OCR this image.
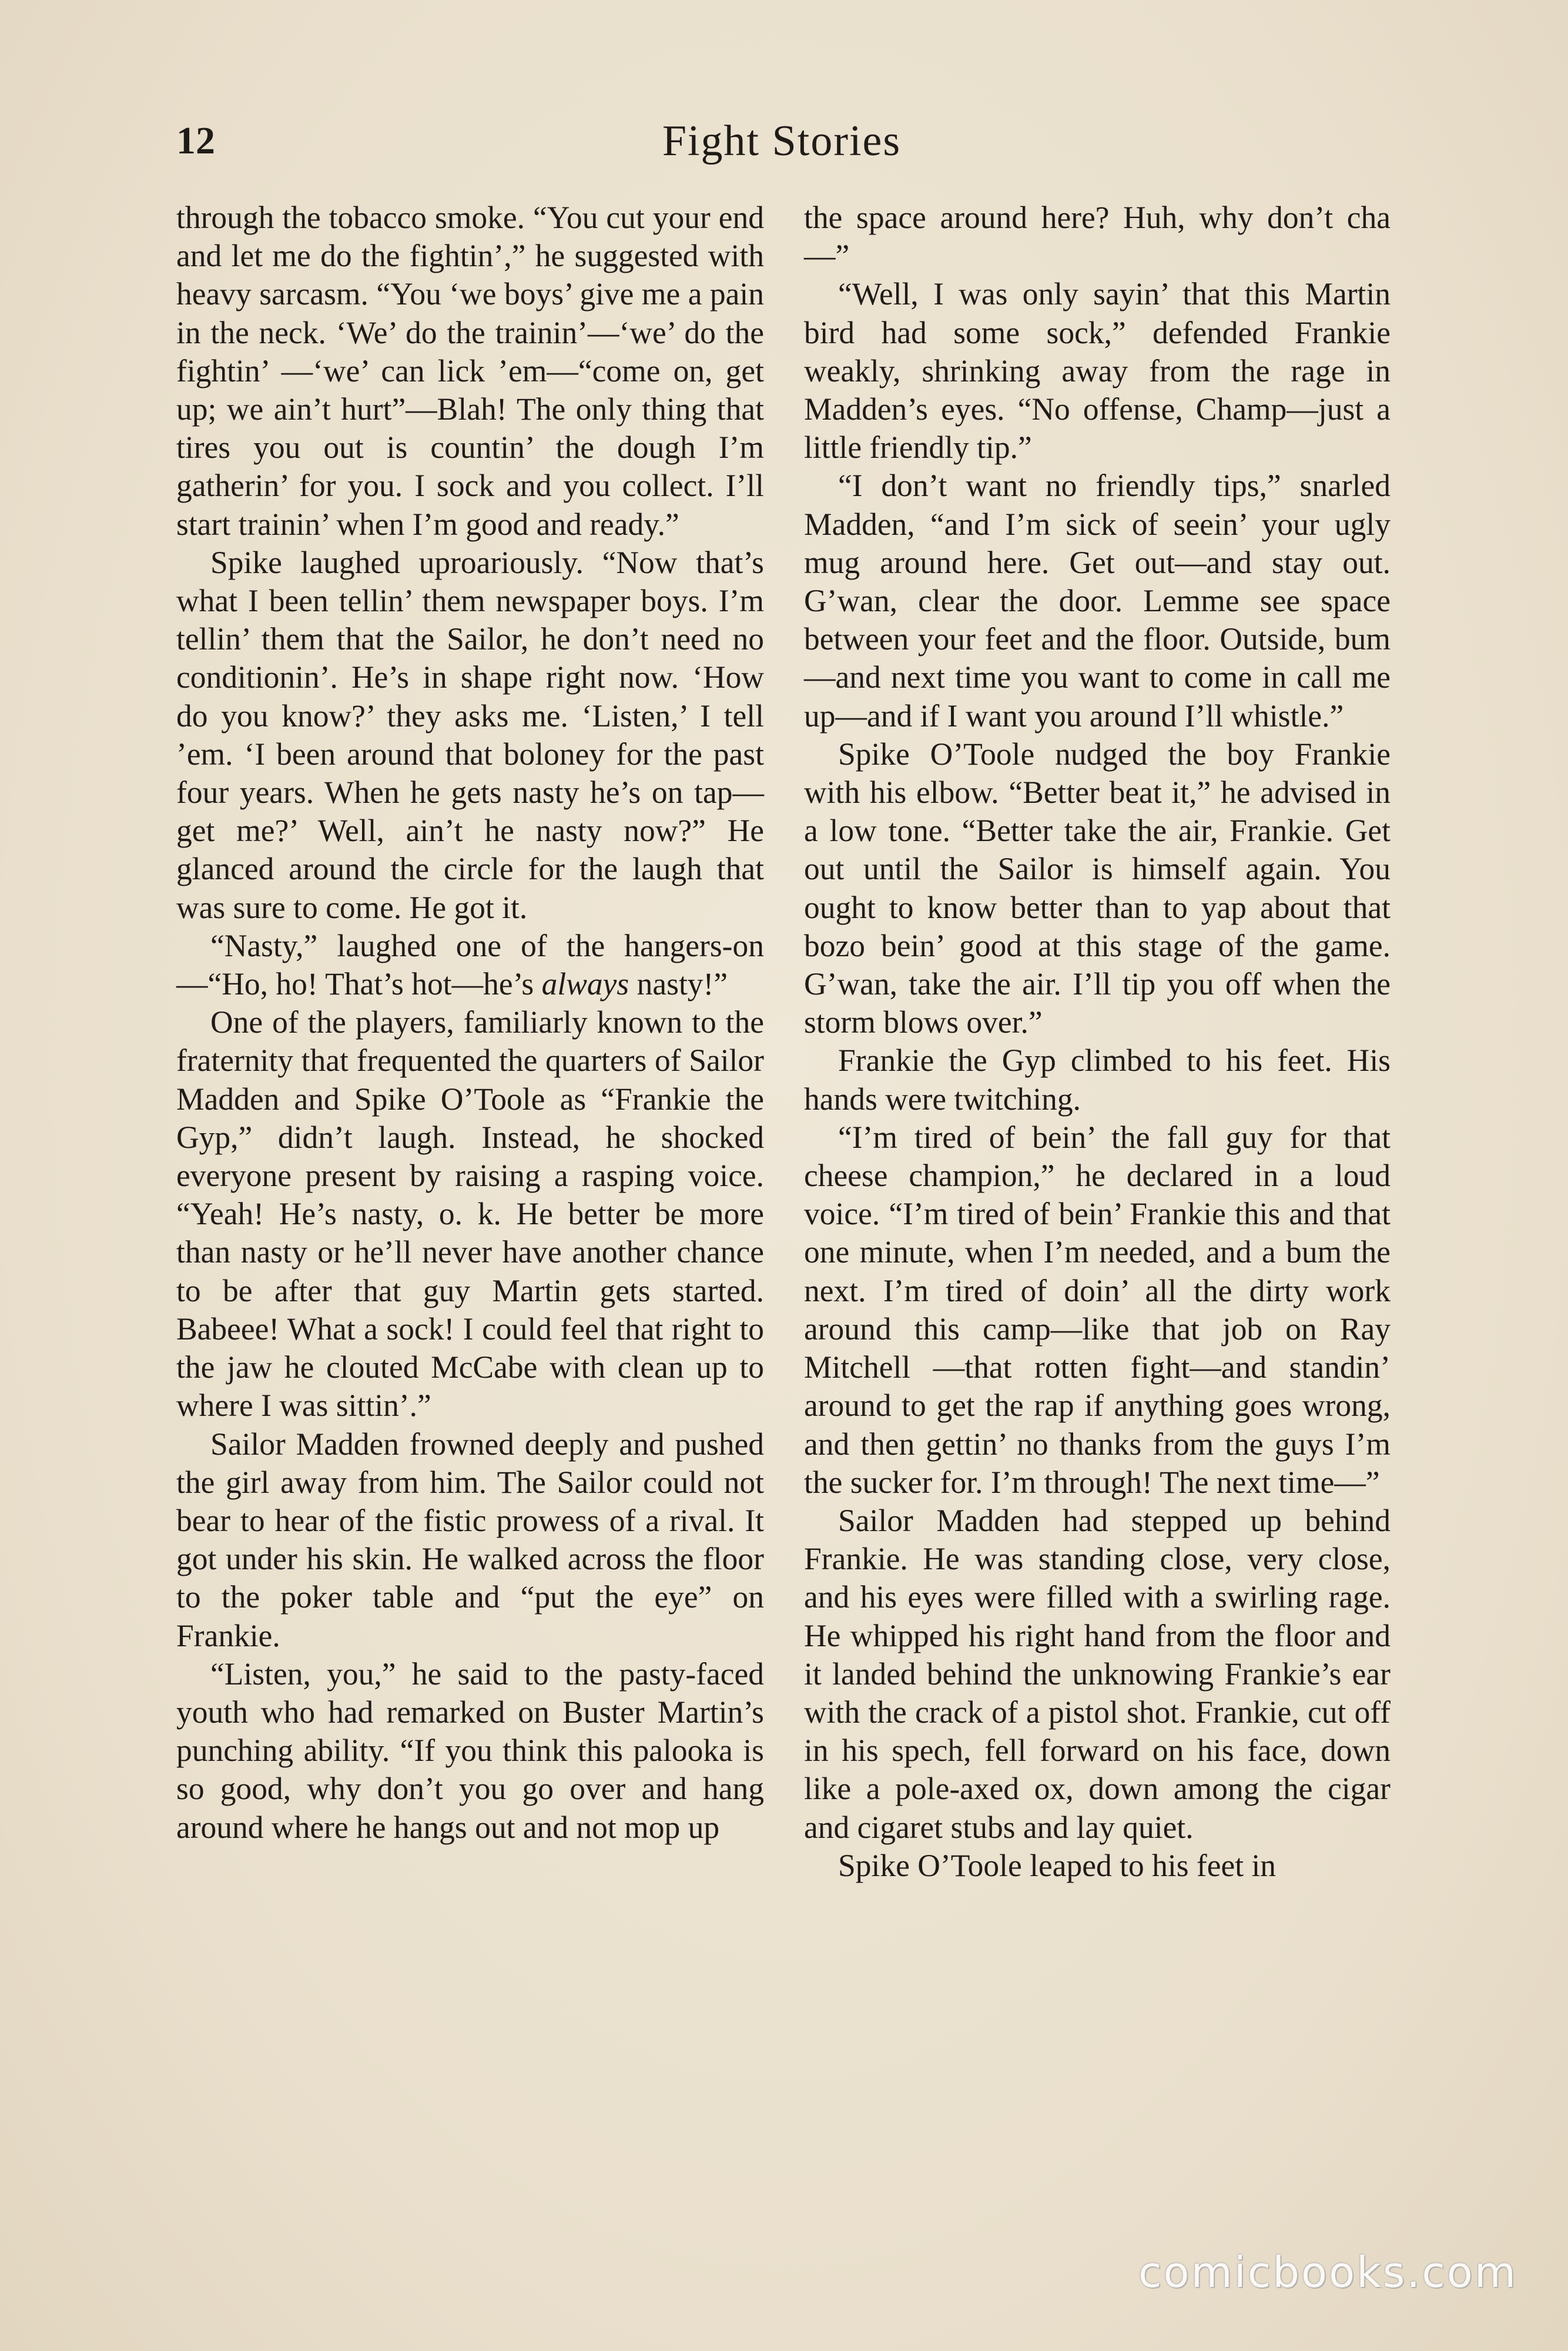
12	Fight Stories

through the tobacco smoke. “You cut your end and let me do the fightin’,” he suggested with heavy sarcasm. “You ‘we boys’ give me a pain in the neck. ‘We’ do the trainin’—‘we’ do the fightin’ —‘we’ can lick ’em—“come on, get up; we ain’t hurt”—Blah! The only thing that tires you out is countin’ the dough I’m gatherin’ for you. I sock and you collect. I’ll start trainin’ when I’m good and ready.”

Spike laughed uproariously. “Now that’s what I been tellin’ them newspaper boys. I’m tellin’ them that the Sailor, he don’t need no conditionin’. He’s in shape right now. ‘How do you know?’ they asks me. ‘Listen,’ I tell ’em. ‘I been around that boloney for the past four years. When he gets nasty he’s on tap—get me?’ Well, ain’t he nasty now?” He glanced around the circle for the laugh that was sure to come. He got it.

“Nasty,” laughed one of the hangers-on—“Ho, ho! That’s hot—he’s always nasty!”

One of the players, familiarly known to the fraternity that frequented the quarters of Sailor Madden and Spike O’Toole as “Frankie the Gyp,” didn’t laugh. Instead, he shocked everyone present by raising a rasping voice. “Yeah! He’s nasty, o. k. He better be more than nasty or he’ll never have another chance to be after that guy Martin gets started. Babeee! What a sock! I could feel that right to the jaw he clouted McCabe with clean up to where I was sittin’.”

Sailor Madden frowned deeply and pushed the girl away from him. The Sailor could not bear to hear of the fistic prowess of a rival. It got under his skin. He walked across the floor to the poker table and “put the eye” on Frankie.

“Listen, you,” he said to the pasty-faced youth who had remarked on Buster Martin’s punching ability. “If you think this palooka is so good, why don’t you go over and hang around where he hangs out and not mop up

the space around here? Huh, why don’t cha—”

“Well, I was only sayin’ that this Martin bird had some sock,” defended Frankie weakly, shrinking away from the rage in Madden’s eyes. “No offense, Champ—just a little friendly tip.”

“I don’t want no friendly tips,” snarled Madden, “and I’m sick of seein’ your ugly mug around here. Get out—and stay out. G’wan, clear the door. Lemme see space between your feet and the floor. Outside, bum—and next time you want to come in call me up—and if I want you around I’ll whistle.”

Spike O’Toole nudged the boy Frankie with his elbow. “Better beat it,” he advised in a low tone. “Better take the air, Frankie. Get out until the Sailor is himself again. You ought to know better than to yap about that bozo bein’ good at this stage of the game. G’wan, take the air. I’ll tip you off when the storm blows over.”

Frankie the Gyp climbed to his feet. His hands were twitching.

“I’m tired of bein’ the fall guy for that cheese champion,” he declared in a loud voice. “I’m tired of bein’ Frankie this and that one minute, when I’m needed, and a bum the next. I’m tired of doin’ all the dirty work around this camp—like that job on Ray Mitchell —that rotten fight—and standin’ around to get the rap if anything goes wrong, and then gettin’ no thanks from the guys I’m the sucker for. I’m through! The next time—”

Sailor Madden had stepped up behind Frankie. He was standing close, very close, and his eyes were filled with a swirling rage. He whipped his right hand from the floor and it landed behind the unknowing Frankie’s ear with the crack of a pistol shot. Frankie, cut off in his spech, fell forward on his face, down like a pole-axed ox, down among the cigar and cigaret stubs and lay quiet.

Spike O’Toole leaped to his feet in

comicbooks.com
